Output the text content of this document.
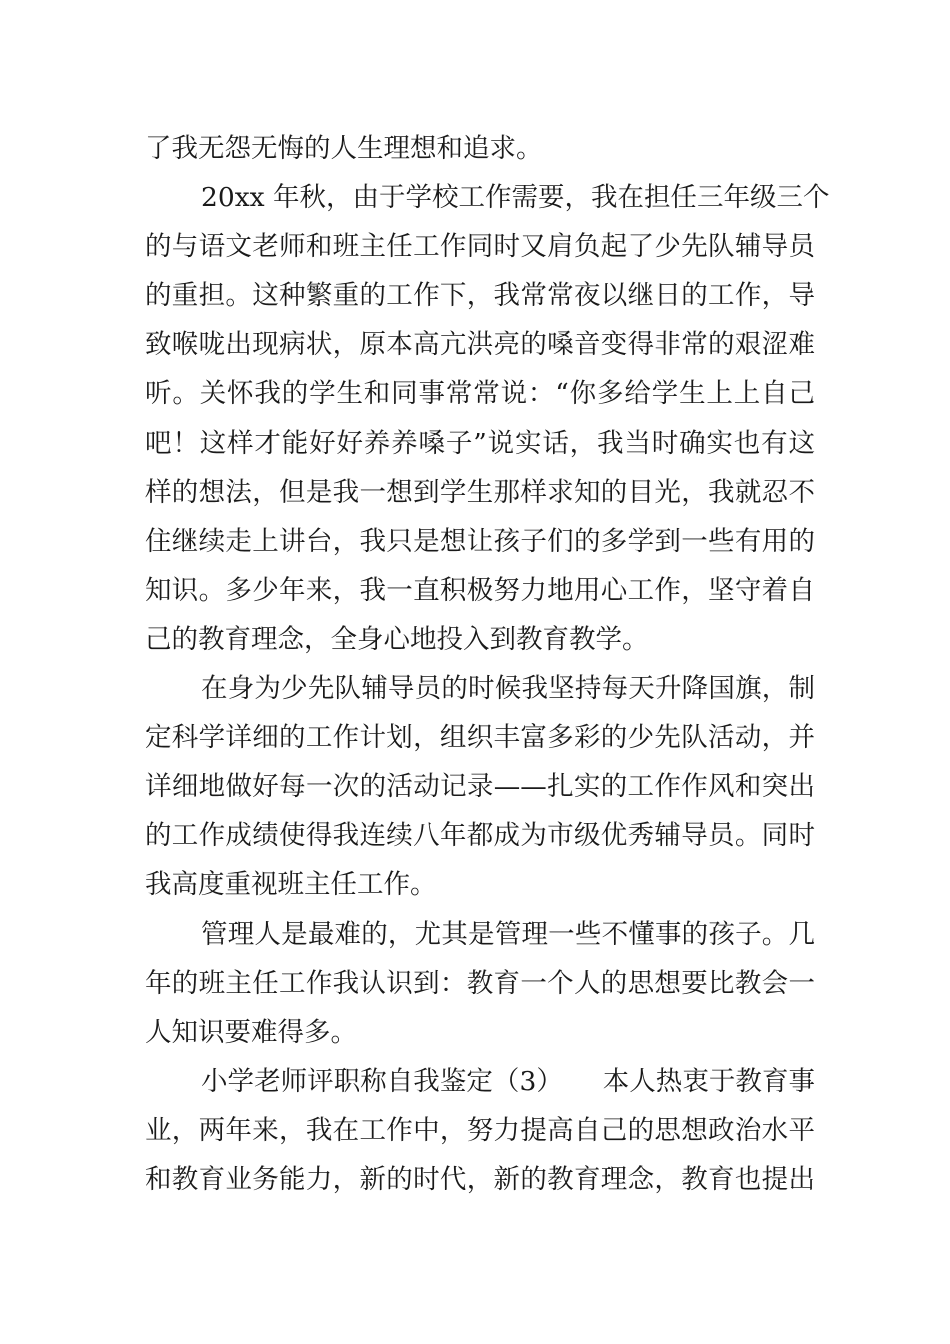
了我无怨无悔的人生理想和追求。
20xx 年秋，由于学校工作需要，我在担任三年级三个
的与语文老师和班主任工作同时又肩负起了少先队辅导员
的重担。这种繁重的工作下，我常常夜以继日的工作，导
致喉咙出现病状，原本高亢洪亮的嗓音变得非常的艰涩难
听。关怀我的学生和同事常常说：“你多给学生上上自己
吧！这样才能好好养养嗓子”说实话，我当时确实也有这
样的想法，但是我一想到学生那样求知的目光，我就忍不
住继续走上讲台，我只是想让孩子们的多学到一些有用的
知识。多少年来，我一直积极努力地用心工作，坚守着自
己的教育理念，全身心地投入到教育教学。
在身为少先队辅导员的时候我坚持每天升降国旗，制
定科学详细的工作计划，组织丰富多彩的少先队活动，并
详细地做好每一次的活动记录——扎实的工作作风和突出
的工作成绩使得我连续八年都成为市级优秀辅导员。同时
我高度重视班主任工作。
管理人是最难的，尤其是管理一些不懂事的孩子。几
年的班主任工作我认识到：教育一个人的思想要比教会一
人知识要难得多。
小学老师评职称自我鉴定（3）　　本人热衷于教育事
业，两年来，我在工作中，努力提高自己的思想政治水平
和教育业务能力，新的时代，新的教育理念，教育也提出
